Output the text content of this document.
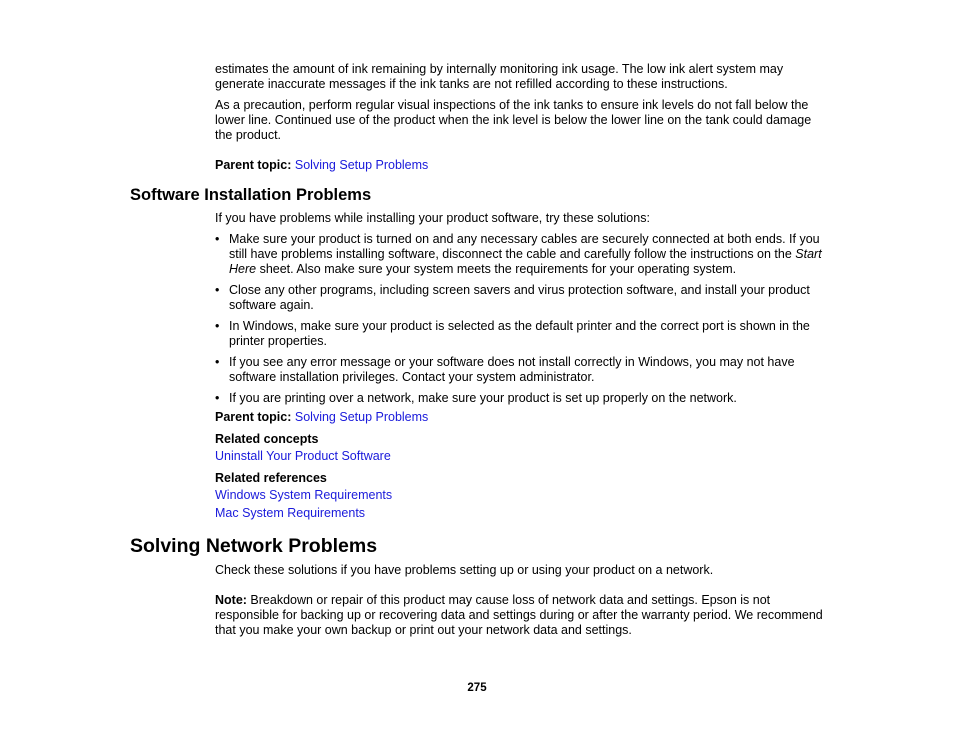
estimates the amount of ink remaining by internally monitoring ink usage. The low ink alert system may generate inaccurate messages if the ink tanks are not refilled according to these instructions.

As a precaution, perform regular visual inspections of the ink tanks to ensure ink levels do not fall below the lower line. Continued use of the product when the ink level is below the lower line on the tank could damage the product.

Parent topic: Solving Setup Problems

Software Installation Problems

If you have problems while installing your product software, try these solutions:

• Make sure your product is turned on and any necessary cables are securely connected at both ends. If you still have problems installing software, disconnect the cable and carefully follow the instructions on the Start Here sheet. Also make sure your system meets the requirements for your operating system.
• Close any other programs, including screen savers and virus protection software, and install your product software again.
• In Windows, make sure your product is selected as the default printer and the correct port is shown in the printer properties.
• If you see any error message or your software does not install correctly in Windows, you may not have software installation privileges. Contact your system administrator.
• If you are printing over a network, make sure your product is set up properly on the network.

Parent topic: Solving Setup Problems

Related concepts

Uninstall Your Product Software

Related references

Windows System Requirements

Mac System Requirements

Solving Network Problems

Check these solutions if you have problems setting up or using your product on a network.

Note: Breakdown or repair of this product may cause loss of network data and settings. Epson is not responsible for backing up or recovering data and settings during or after the warranty period. We recommend that you make your own backup or print out your network data and settings.

275
